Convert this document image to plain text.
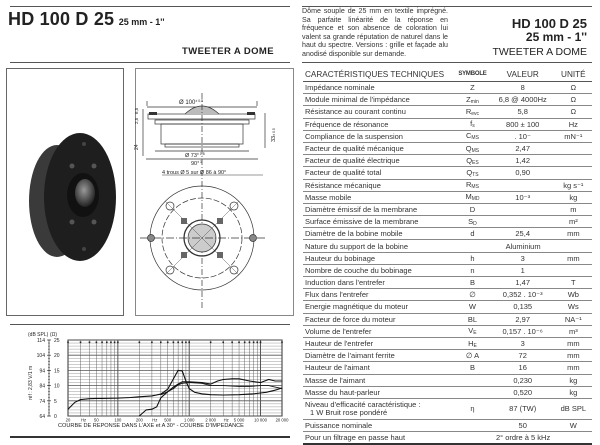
HD 100 D 25 25 mm - 1''
TWEETER A DOME
Ø $100^{\pm 0.5}$
33± 0.5
24
2,5
6,5
Ø $73^{\pm 1,5}$
$90^{\pm 1}$
4 trous Ø 5 sur Ø 86 à 90°
114
104
94
84
74
64
25
20
15
10
5
0 20	Hz 50	100	200 Hz 500	1 000	2 000 Hz 5 000 10 000 20 000
(dB SPL) (Ω)
réf : 2,83 V/1 m
COURBE DE REPONSE DANS L'AXE et A 30° - COURBE D'IMPEDANCE
Dôme souple de 25 mm en textile imprégné. Sa parfaite linéarité de la réponse en fréquence et son absence de coloration lui valent sa grande réputation de naturel dans le haut du spectre. Versions : grille et façade alu anodisé disponible sur demande.
HD 100 D 25
25 mm - 1''
TWEETER A DOME
CARACTÉRISTIQUES TECHNIQUES	SYMBOLE	VALEUR	UNITÉ
Impédance nominale	Z	8	Ω
Module minimal de l'impédance	$Z_{min}$	6,8 @ 4000Hz	Ω
Résistance au courant continu	$R_{evc}$	5,8	Ω
Fréquence de résonance	$f_s$	800 ± 100	Hz
Compliance de la suspension	$C_{MS}$	. 10⁻	mN⁻¹
Facteur de qualité mécanique	$Q_{MS}$	2,47	
Facteur de qualité électrique	$Q_{ES}$	1,42	
Facteur de qualité total	$Q_{TS}$	0,90	
Résistance mécanique	$R_{MS}$		kg s⁻¹
Masse mobile	$M_{MD}$	10⁻³	kg
Diamètre émissif de la membrane	D		m
Surface émissive de la membrane	$S_D$		m²
Diamètre de la bobine mobile	d	25,4	mm
Nature du support de la bobine	Aluminium
Hauteur du bobinage	h	3	mm
Nombre de couche du bobinage	n	1	
Induction dans l'entrefer	B	1,47	T
Flux dans l'entrefer	∅	0,352 . 10⁻³	Wb
Energie magnétique du moteur	W	0,135	Ws
Facteur de force du moteur	BL	2,97	NA⁻¹
Volume de l'entrefer	$V_E$	0,157 . 10⁻⁶	m³
Hauteur de l'entrefer	$H_E$	3	mm
Diamètre de l'aimant ferrite	∅ A	72	mm
Hauteur de l'aimant	B	16	mm
Masse de l'aimant		0,230	kg
Masse du haut-parleur		0,520	kg
Niveau d'efficacité caractéristique :
1 W Bruit rose pondéré	η	87 (TW)	dB SPL
Puissance nominale		50	W
Pour un filtrage en passe haut	2° ordre à 5 kHz
